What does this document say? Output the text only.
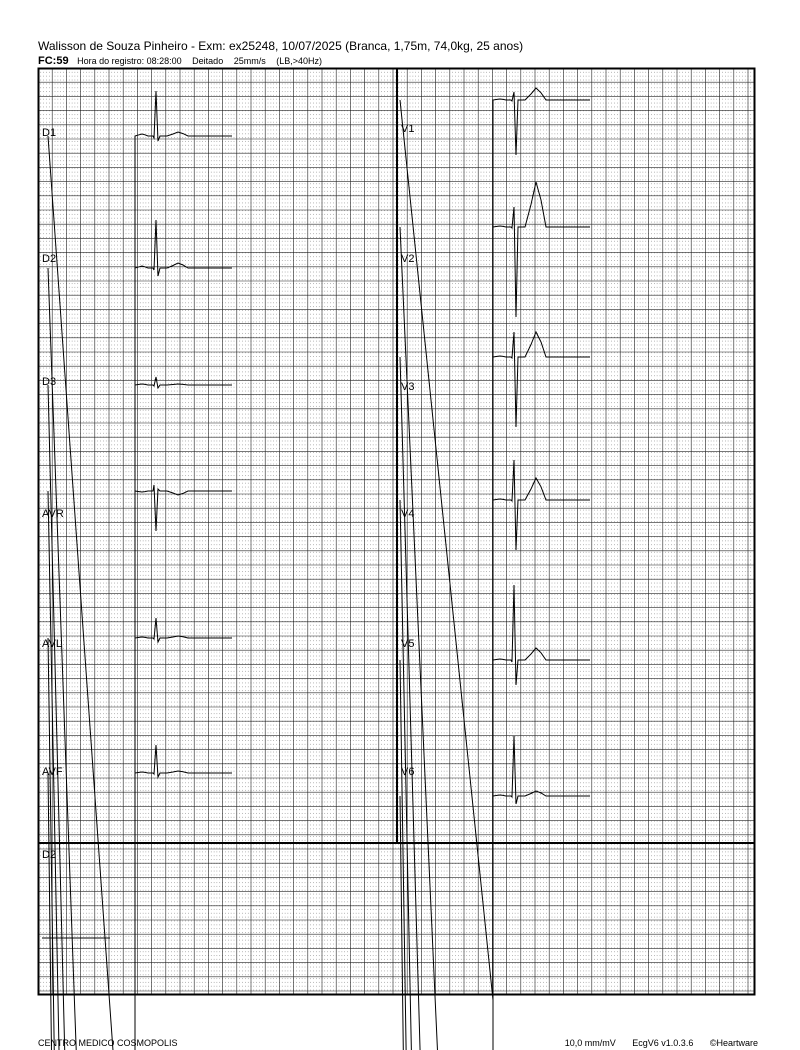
Walisson de Souza Pinheiro - Exm: ex25248, 10/07/2025 (Branca, 1,75m, 74,0kg, 25 anos)
FC:59 Hora do registro: 08:28:00 Deitado 25mm/s (LB,>40Hz)
D1
D2
D3
AVR
AVL
AVF
V1
V2
V3
V4
V5
V6
D2
CENTRO MEDICO COSMOPOLIS	10,0 mm/mV EcgV6 v1.0.3.6 ©Heartware
